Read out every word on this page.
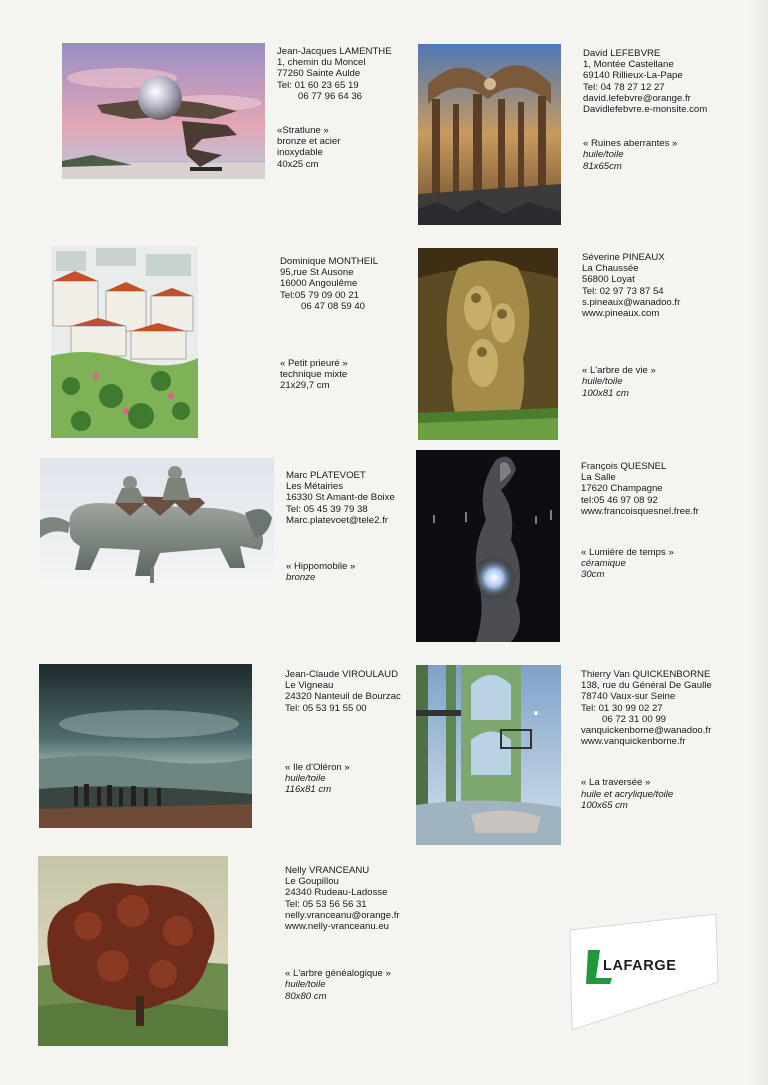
Jean-Jacques LAMENTHE
1, chemin du Moncel
77260 Sainte Aulde
Tel: 01 60 23 65 19
06 77 96 64 36
«Stratlune »
bronze et acier
inoxydable
40x25 cm
David LEFEBVRE
1, Montée Castellane
69140 Rillieux-La-Pape
Tel: 04 78 27 12 27
david.lefebvre@orange.fr
Davidlefebvre.e-monsite.com
« Ruines aberrantes »
huile/toile
81x65cm
Dominique MONTHEIL
95,rue St Ausone
16000 Angoulême
Tel:05 79 09 00 21
06 47 08 59 40
« Petit prieuré »
technique mixte
21x29,7 cm
Séverine PINEAUX
La Chaussée
56800 Loyat
Tel: 02 97 73 87 54
s.pineaux@wanadoo.fr
www.pineaux.com
« L'arbre de vie »
huile/toile
100x81 cm
Marc PLATEVOET
Les Métairies
16330 St Amant-de Boixe
Tel: 05 45 39 79 38
Marc.platevoet@tele2.fr
« Hippomobile »
bronze
François QUESNEL
La Salle
17620 Champagne
tel:05 46 97 08 92
www.francoisquesnel.free.fr
« Lumière de temps »
céramique
30cm
Jean-Claude VIROULAUD
Le Vigneau
24320 Nanteuil de Bourzac
Tel: 05 53 91 55 00
« Ile d'Oléron »
huile/toile
116x81 cm
Thierry Van QUICKENBORNE
138, rue du Général De Gaulle
78740 Vaux-sur Seine
Tel: 01 30 99 02 27
06 72 31 00 99
vanquickenborne@wanadoo.fr
www.vanquickenborne.fr
« La traversée »
huile et acrylique/toile
100x65 cm
Nelly VRANCEANU
Le Goupillou
24340 Rudeau-Ladosse
Tel: 05 53 56 56 31
nelly.vranceanu@orange.fr
www.nelly-vranceanu.eu
« L'arbre généalogique »
huile/toile
80x80 cm
LAFARGE
